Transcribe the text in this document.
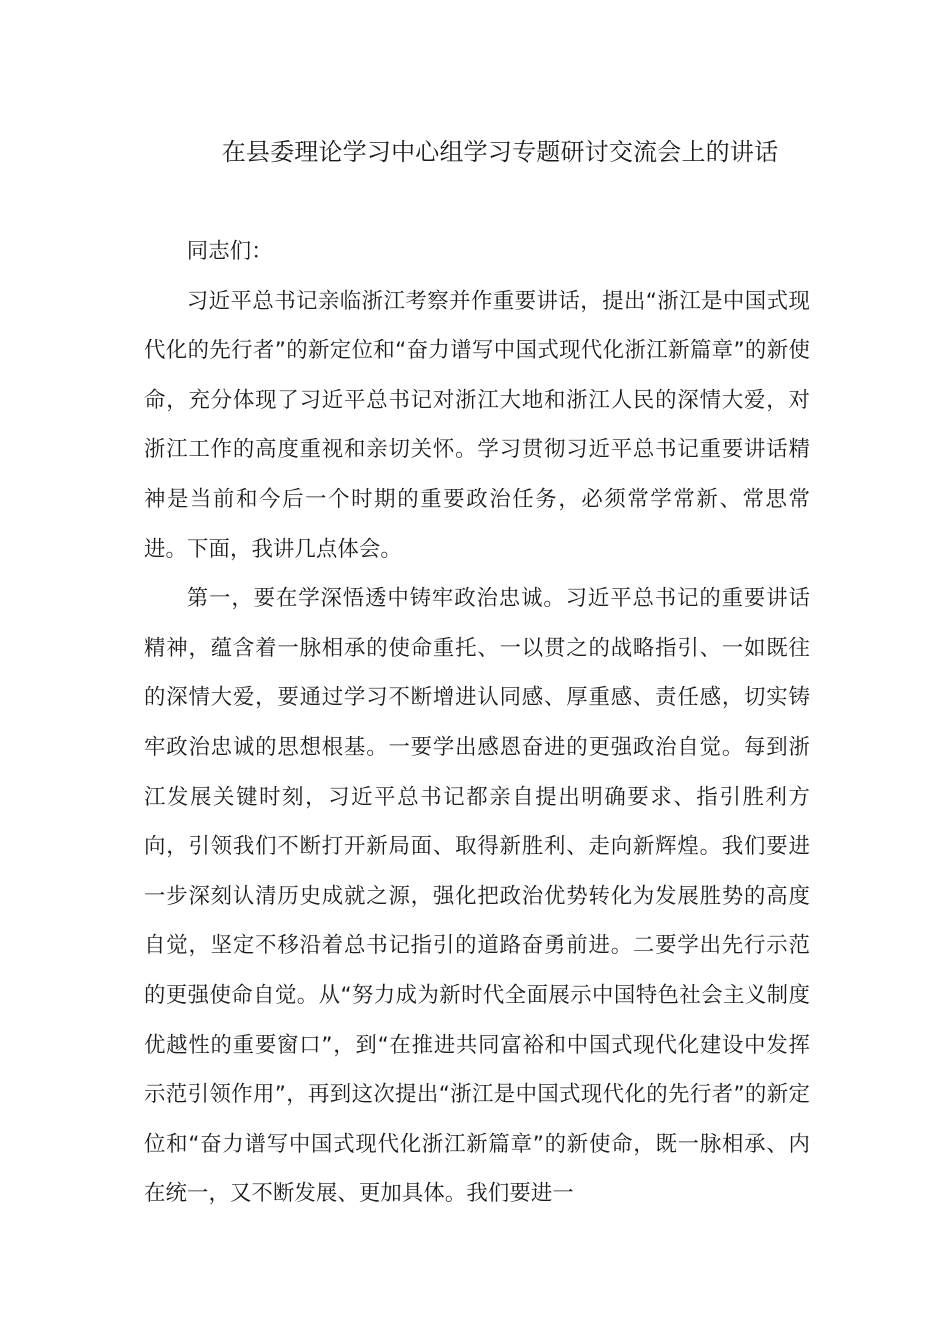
在县委理论学习中心组学习专题研讨交流会上的讲话

同志们：

习近平总书记亲临浙江考察并作重要讲话，提出“浙江是中国式现代化的先行者”的新定位和“奋力谱写中国式现代化浙江新篇章”的新使命，充分体现了习近平总书记对浙江大地和浙江人民的深情大爱，对浙江工作的高度重视和亲切关怀。学习贯彻习近平总书记重要讲话精神是当前和今后一个时期的重要政治任务，必须常学常新、常思常进。下面，我讲几点体会。

第一，要在学深悟透中铸牢政治忠诚。习近平总书记的重要讲话精神，蕴含着一脉相承的使命重托、一以贯之的战略指引、一如既往的深情大爱，要通过学习不断增进认同感、厚重感、责任感，切实铸牢政治忠诚的思想根基。一要学出感恩奋进的更强政治自觉。每到浙江发展关键时刻，习近平总书记都亲自提出明确要求、指引胜利方向，引领我们不断打开新局面、取得新胜利、走向新辉煌。我们要进一步深刻认清历史成就之源，强化把政治优势转化为发展胜势的高度自觉，坚定不移沿着总书记指引的道路奋勇前进。二要学出先行示范的更强使命自觉。从“努力成为新时代全面展示中国特色社会主义制度优越性的重要窗口”，到“在推进共同富裕和中国式现代化建设中发挥示范引领作用”，再到这次提出“浙江是中国式现代化的先行者”的新定位和“奋力谱写中国式现代化浙江新篇章”的新使命，既一脉相承、内在统一，又不断发展、更加具体。我们要进一
